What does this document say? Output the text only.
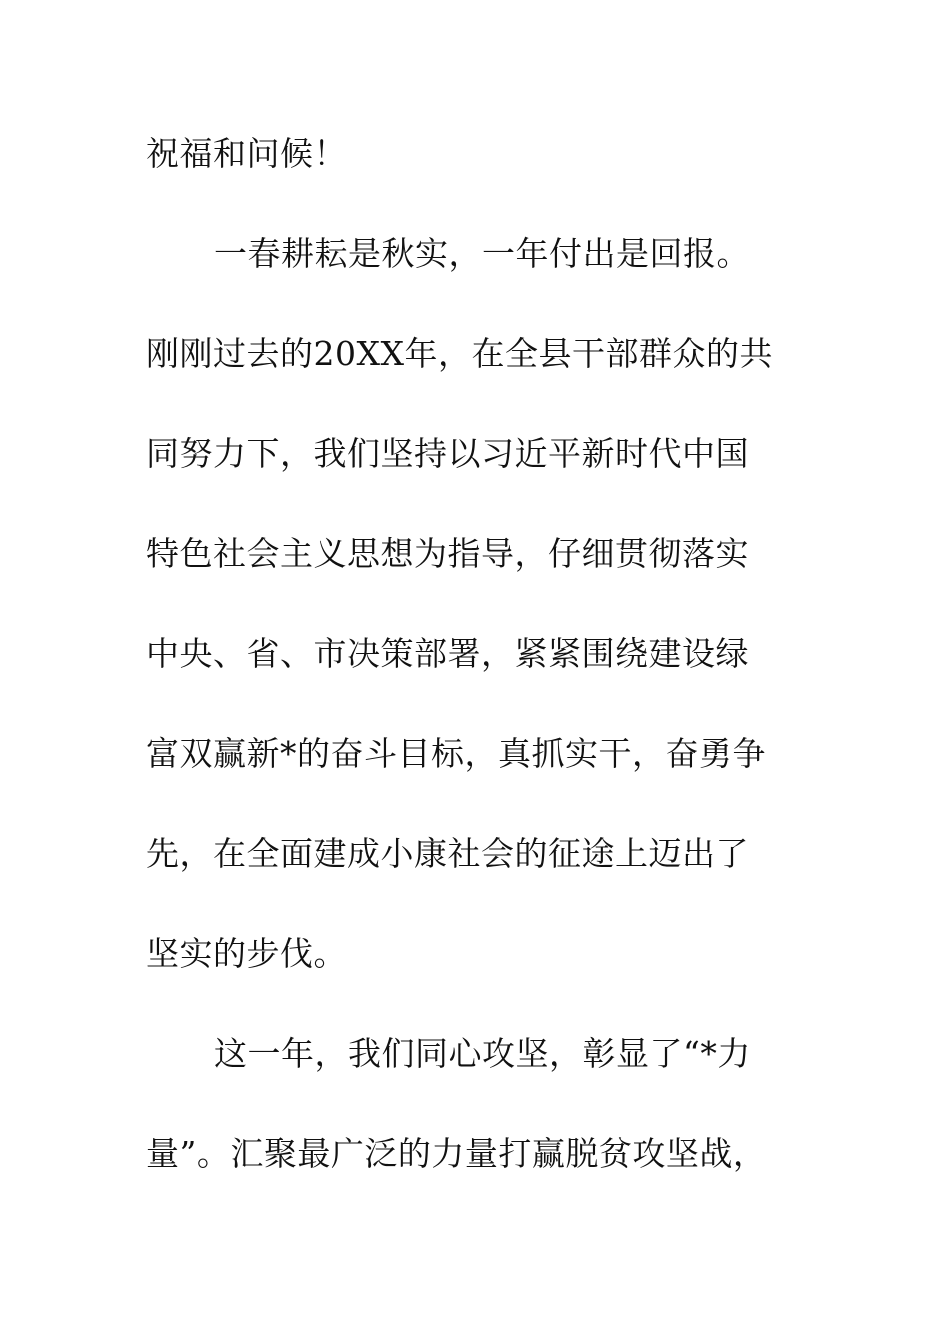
祝福和问候！
一春耕耘是秋实，一年付出是回报。
刚刚过去的20XX年，在全县干部群众的共
同努力下，我们坚持以习近平新时代中国
特色社会主义思想为指导，仔细贯彻落实
中央、省、市决策部署，紧紧围绕建设绿
富双赢新*的奋斗目标，真抓实干，奋勇争
先，在全面建成小康社会的征途上迈出了
坚实的步伐。
这一年，我们同心攻坚，彰显了“*力
量”。汇聚最广泛的力量打赢脱贫攻坚战，
